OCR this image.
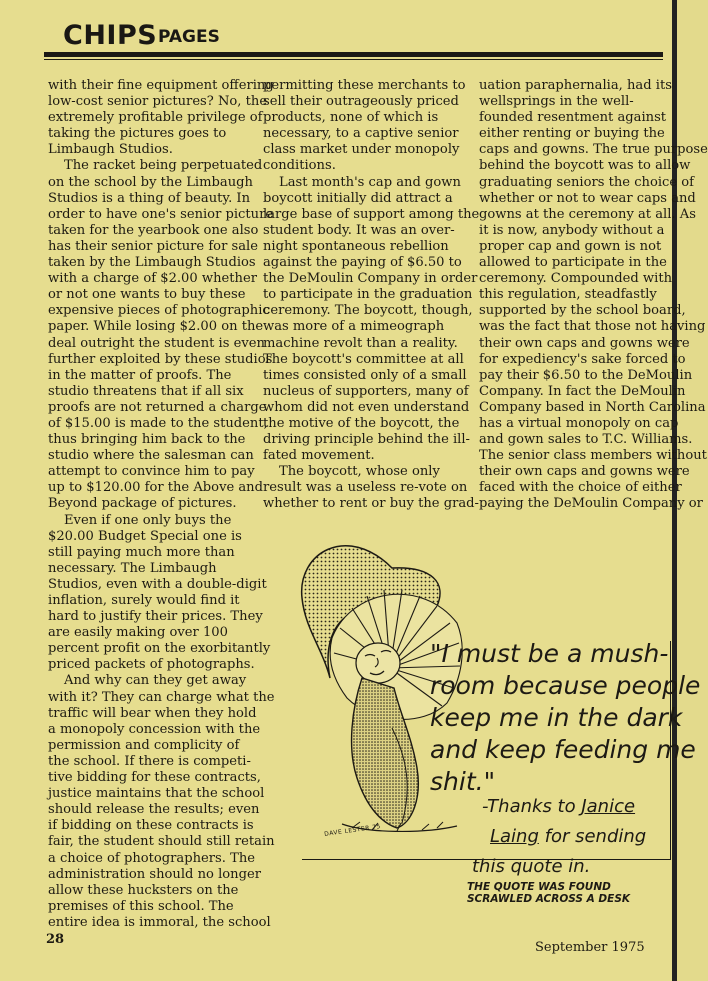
CHIPS PAGES

with their fine equipment offering
low-cost senior pictures? No, the
extremely profitable privilege of
taking the pictures goes to
Limbaugh Studios.

The racket being perpetuated
on the school by the Limbaugh
Studios is a thing of beauty. In
order to have one's senior picture
taken for the yearbook one also
has their senior picture for sale
taken by the Limbaugh Studios
with a charge of $2.00 whether
or not one wants to buy these
expensive pieces of photographic
paper. While losing $2.00 on the
deal outright the student is even
further exploited by these studios
in the matter of proofs. The
studio threatens that if all six
proofs are not returned a charge
of $15.00 is made to the student,
thus bringing him back to the
studio where the salesman can
attempt to convince him to pay
up to $120.00 for the Above and
Beyond package of pictures.

Even if one only buys the
$20.00 Budget Special one is
still paying much more than
necessary. The Limbaugh
Studios, even with a double-digit
inflation, surely would find it
hard to justify their prices. They
are easily making over 100
percent profit on the exorbitantly
priced packets of photographs.

And why can they get away
with it? They can charge what the
traffic will bear when they hold
a monopoly concession with the
permission and complicity of
the school. If there is competi-
tive bidding for these contracts,
justice maintains that the school
should release the results; even
if bidding on these contracts is
fair, the student should still retain
a choice of photographers. The
administration should no longer
allow these hucksters on the
premises of this school. The
entire idea is immoral, the school

permitting these merchants to
sell their outrageously priced
products, none of which is
necessary, to a captive senior
class market under monopoly
conditions.

Last month's cap and gown
boycott initially did attract a
large base of support among the
student body. It was an over-
night spontaneous rebellion
against the paying of $6.50 to
the DeMoulin Company in order
to participate in the graduation
ceremony. The boycott, though,
was more of a mimeograph
machine revolt than a reality.
The boycott's committee at all
times consisted only of a small
nucleus of supporters, many of
whom did not even understand
the motive of the boycott, the
driving principle behind the ill-
fated movement.

The boycott, whose only
result was a useless re-vote on
whether to rent or buy the grad-

uation paraphernalia, had its
wellsprings in the well-
founded resentment against
either renting or buying the
caps and gowns. The true purpose
behind the boycott was to allow
graduating seniors the choice of
whether or not to wear caps and
gowns at the ceremony at all. As
it is now, anybody without a
proper cap and gown is not
allowed to participate in the
ceremony. Compounded with
this regulation, steadfastly
supported by the school board,
was the fact that those not having
their own caps and gowns were
for expediency's sake forced to
pay their $6.50 to the DeMoulin
Company. In fact the DeMoulin
Company based in North Carolina
has a virtual monopoly on cap
and gown sales to T.C. Williams.
The senior class members without
their own caps and gowns were
faced with the choice of either
paying the DeMoulin Company or

DAVE LESTER 75
"I must be a mush-
room because people
keep me in the dark
and keep feeding me
shit."
-Thanks to Janice
Laing for sending
this quote in.
THE QUOTE WAS FOUND
SCRAWLED ACROSS A DESK
28
September 1975
